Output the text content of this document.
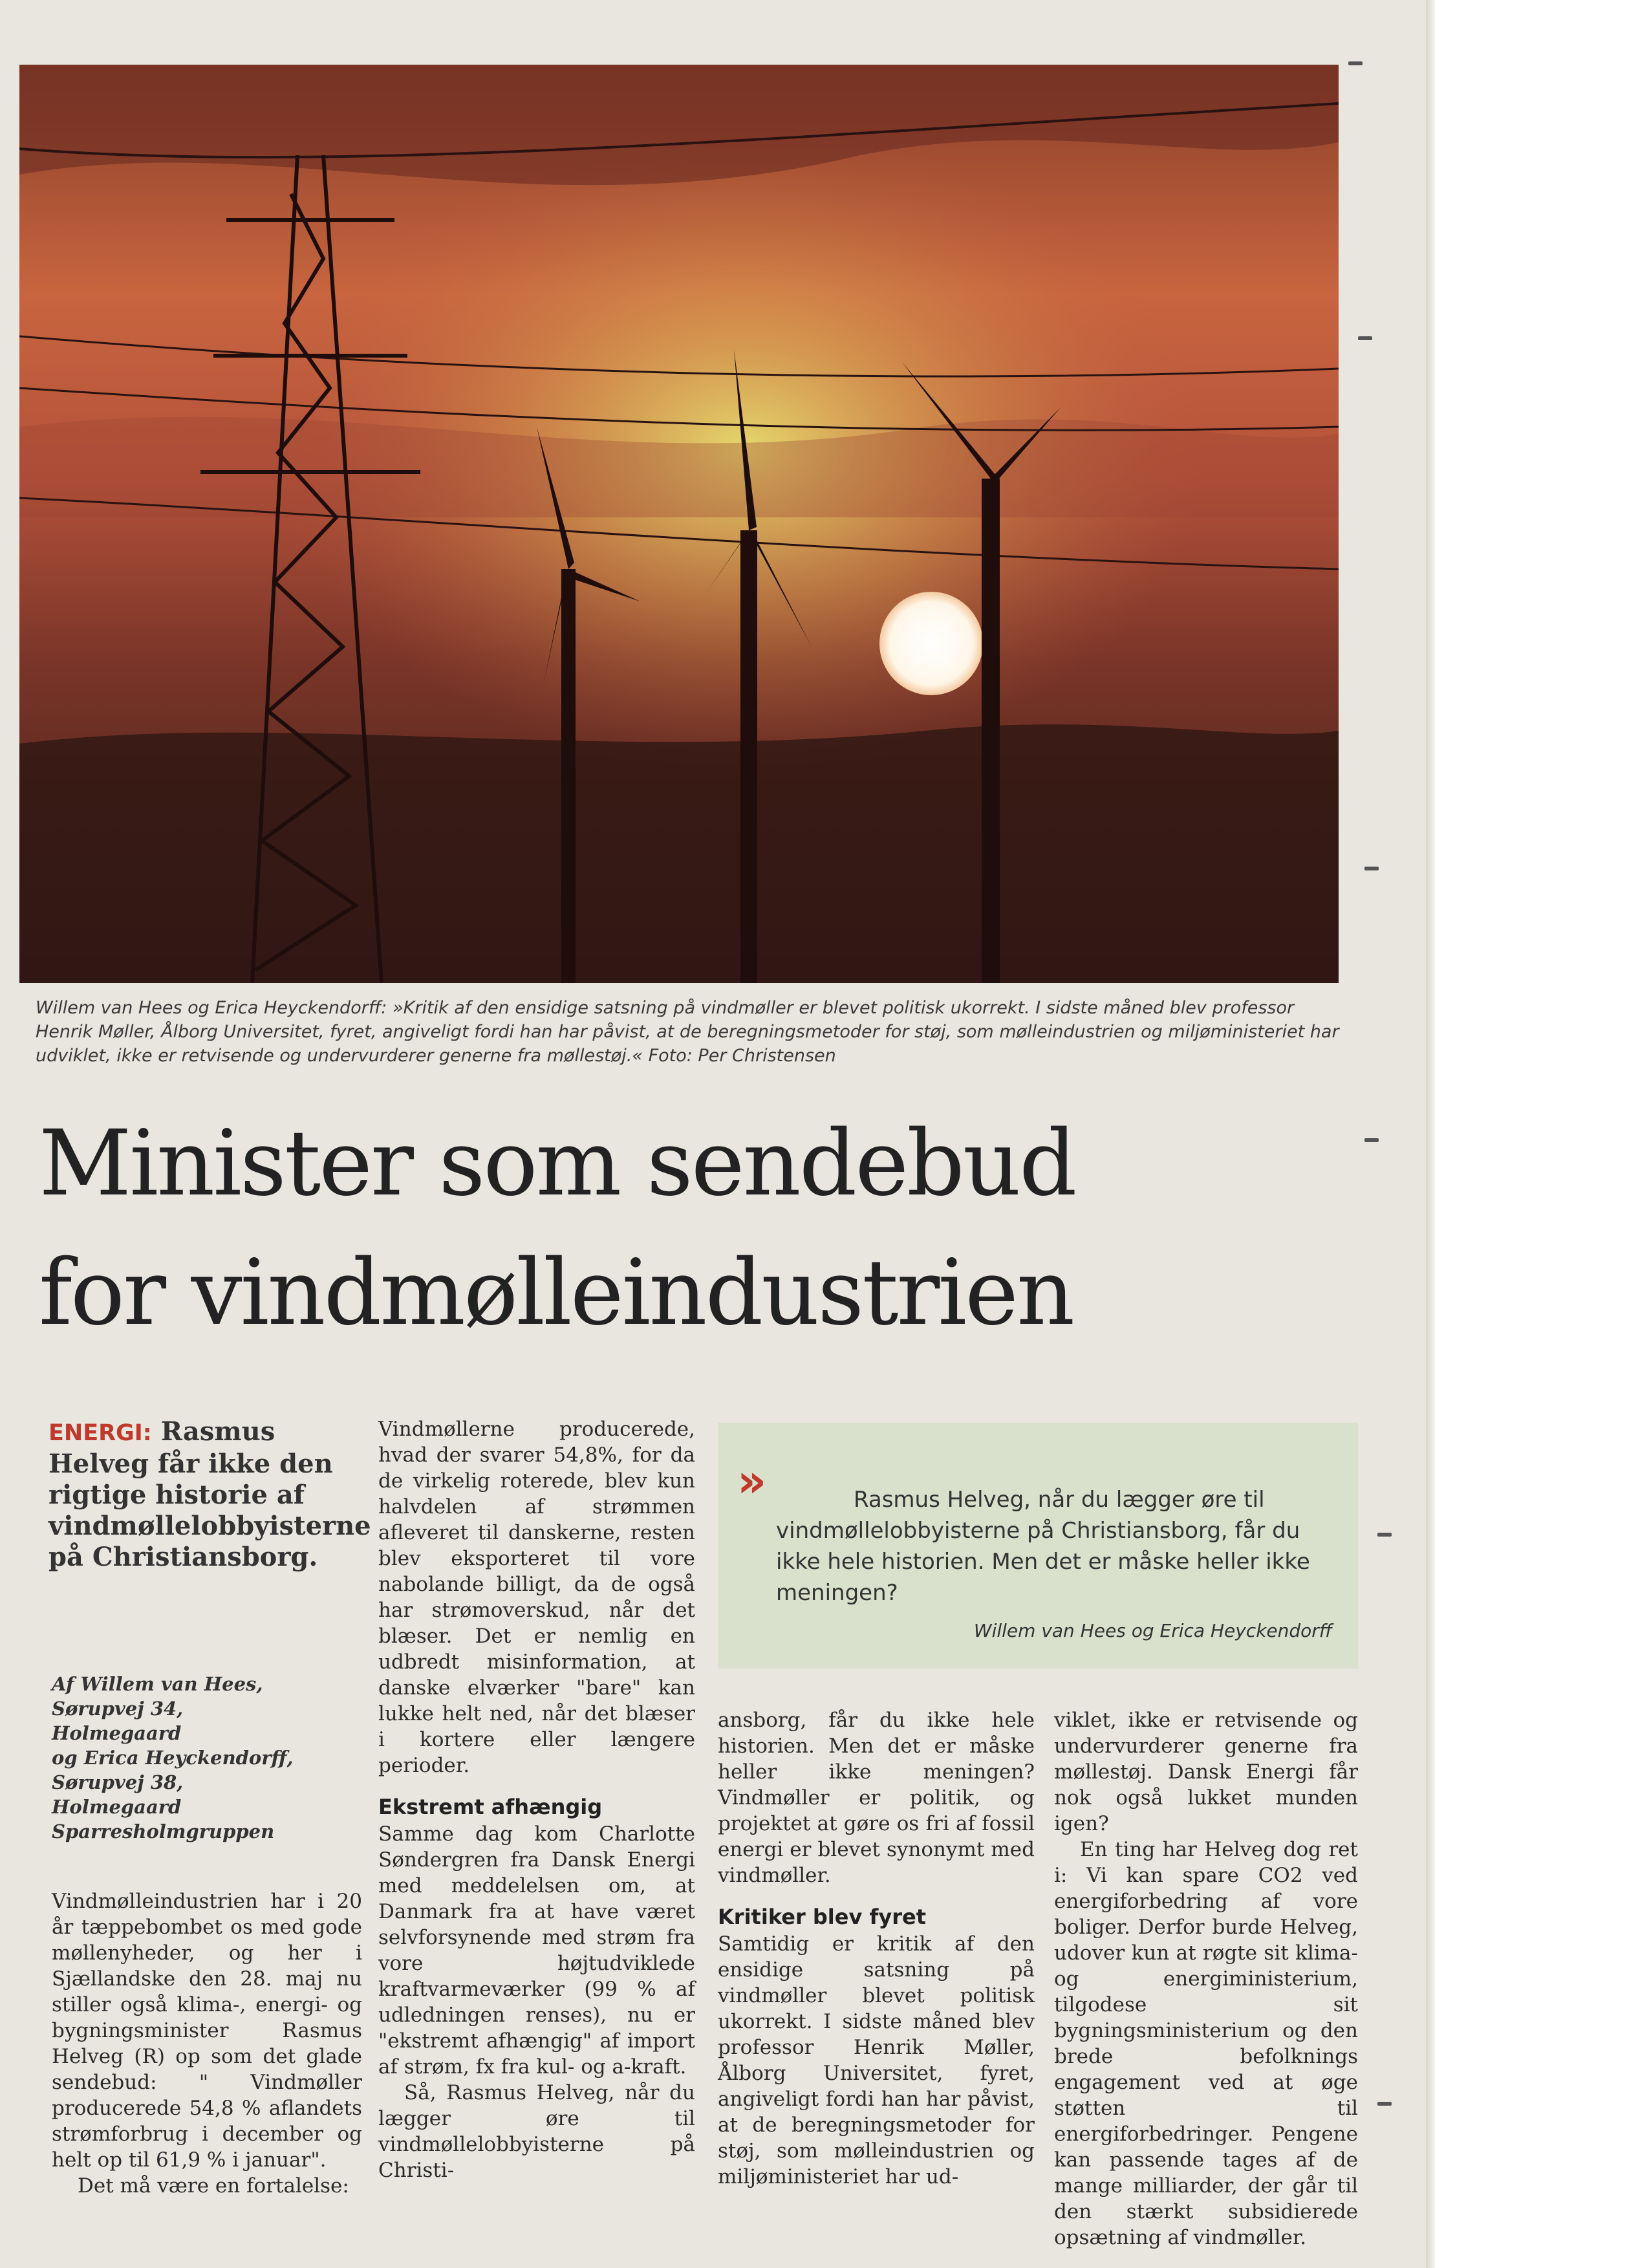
Willem van Hees og Erica Heyckendorff: »Kritik af den ensidige satsning på vindmøller er blevet politisk ukorrekt. I sidste måned blev professor Henrik Møller, Ålborg Universitet, fyret, angiveligt fordi han har påvist, at de beregningsmetoder for støj, som mølleindustrien og miljøministeriet har udviklet, ikke er retvisende og undervurderer generne fra møllestøj.« Foto: Per Christensen
Minister som sendebud
for vindmølleindustrien
ENERGI: Rasmus Helveg får ikke den rigtige historie af vindmøllelobbyisterne på Christiansborg.
Af Willem van Hees,
Sørupvej 34,
Holmegaard
og Erica Heyckendorff,
Sørupvej 38,
Holmegaard
Sparresholmgruppen

Vindmølleindustrien har i 20 år tæppebombet os med gode møllenyheder, og her i Sjællandske den 28. maj nu stiller også klima-, energi- og bygningsminister Rasmus Helveg (R) op som det glade sendebud: " Vindmøller producerede 54,8 % aflandets strømforbrug i december og helt op til 61,9 % i januar".

Det må være en fortalelse:

Vindmøllerne producerede, hvad der svarer 54,8%, for da de virkelig roterede, blev kun halvdelen af strømmen afleveret til danskerne, resten blev eksporteret til vore nabolande billigt, da de også har strømoverskud, når det blæser. Det er nemlig en udbredt misinformation, at danske elværker "bare" kan lukke helt ned, når det blæser i kortere eller længere perioder.

Ekstremt afhængig

Samme dag kom Charlotte Søndergren fra Dansk Energi med meddelelsen om, at Danmark fra at have været selvforsynende med strøm fra vore højtudviklede kraftvarmeværker (99 % af udledningen renses), nu er "ekstremt afhængig" af import af strøm, fx fra kul- og a-kraft.

Så, Rasmus Helveg, når du lægger øre til vindmøllelobbyisterne på Christi-

»	Rasmus Helveg, når du lægger øre til vindmøllelobbyisterne på Christiansborg, får du ikke hele historien. Men det er måske heller ikke meningen?
Willem van Hees og Erica Heyckendorff

ansborg, får du ikke hele historien. Men det er måske heller ikke meningen? Vindmøller er politik, og projektet at gøre os fri af fossil energi er blevet synonymt med vindmøller.

Kritiker blev fyret

Samtidig er kritik af den ensidige satsning på vindmøller blevet politisk ukorrekt. I sidste måned blev professor Henrik Møller, Ålborg Universitet, fyret, angiveligt fordi han har påvist, at de beregningsmetoder for støj, som mølleindustrien og miljøministeriet har ud-

viklet, ikke er retvisende og undervurderer generne fra møllestøj. Dansk Energi får nok også lukket munden igen?

En ting har Helveg dog ret i: Vi kan spare CO2 ved energiforbedring af vore boliger. Derfor burde Helveg, udover kun at røgte sit klima- og energiministerium, tilgodese sit bygningsministerium og den brede befolknings engagement ved at øge støtten til energiforbedringer. Pengene kan passende tages af de mange milliarder, der går til den stærkt subsidierede opsætning af vindmøller.
